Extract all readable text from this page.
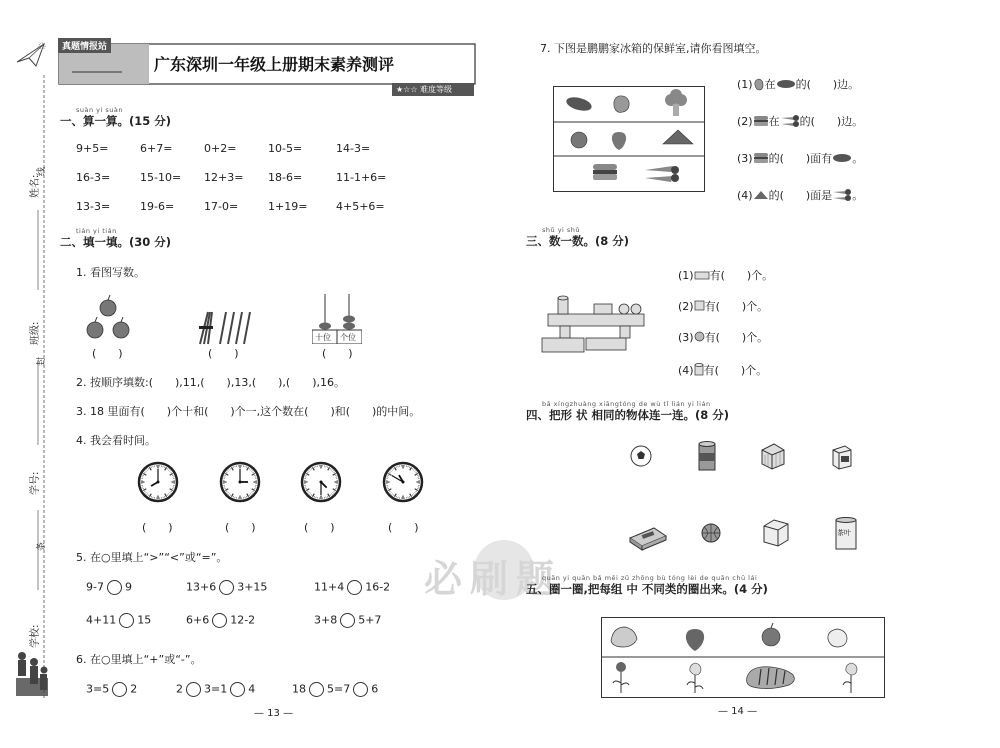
姓名:
线
班级:
封
学号:
条
学校:
真题情报站
广东深圳一年级上册期末素养测评
★☆☆ 难度等级
suàn yi suàn
一、算一算。(15 分)
9+5=	6+7=	0+2=	10-5=	14-3=
16-3=	15-10= 12+3= 18-6=	11-1+6=
13-3=	19-6=	17-0=	1+19=	4+5+6=
tián yi tián
二、填一填。(30 分)
1. 看图写数。
(　　)	(　　)
十位 个位
(　　)
2. 按顺序填数:(　　),11,(　　),13,(　　),(　　),16。
3. 18 里面有(　　)个十和(　　)个一,这个数在(　　)和(　　)的中间。
4. 我会看时间。
(　　)	(　　)	(　　)	(　　)
5. 在○里填上“>”“<”或“=”。
9-7 9	13+6 3+15	11+4 16-2
4+11 15	6+6 12-2	3+8 5+7
6. 在○里填上“+”或“-”。
3=5 2	2 3=1 4	18 5=7 6
— 13 —
必刷题
7. 下图是鹏鹏家冰箱的保鲜室,请你看图填空。
(1) 在 的(　　)边。
(2) 在 的(　　)边。
(3) 的(　　)面有 。
(4) 的(　　)面是 。
shǔ yi shǔ
三、数一数。(8 分)
(1) 有(　　)个。
(2) 有(　　)个。
(3) 有(　　)个。
(4) 有(　　)个。
bǎ xíngzhuàng xiāngtóng de wù tǐ lián yi lián
四、把形 状 相同的物体连一连。(8 分)
茶叶
quān yi quān bǎ měi zǔ zhōng bù tóng lèi de quān chū lái
五、圈一圈,把每组 中 不同类的圈出来。(4 分)
— 14 —
